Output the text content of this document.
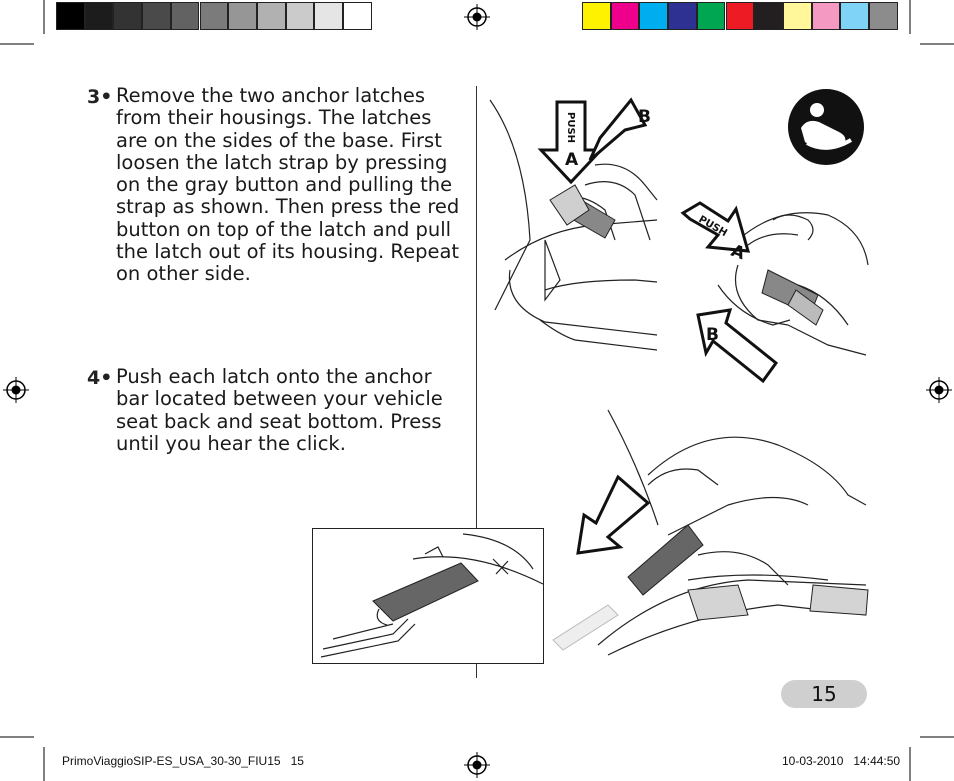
3• Remove the two anchor latches from their housings. The latches are on the sides of the base. First loosen the latch strap by pressing on the gray button and pulling the strap as shown. Then press the red button on top of the latch and pull the latch out of its housing. Repeat on other side.
4• Push each latch onto the anchor bar located between your vehicle seat back and seat bottom. Press until you hear the click.
PUSH
A
B
PUSH
A
B
15
PrimoViaggioSIP-ES_USA_30-30_FIU15   15	10-03-2010   14:44:50
